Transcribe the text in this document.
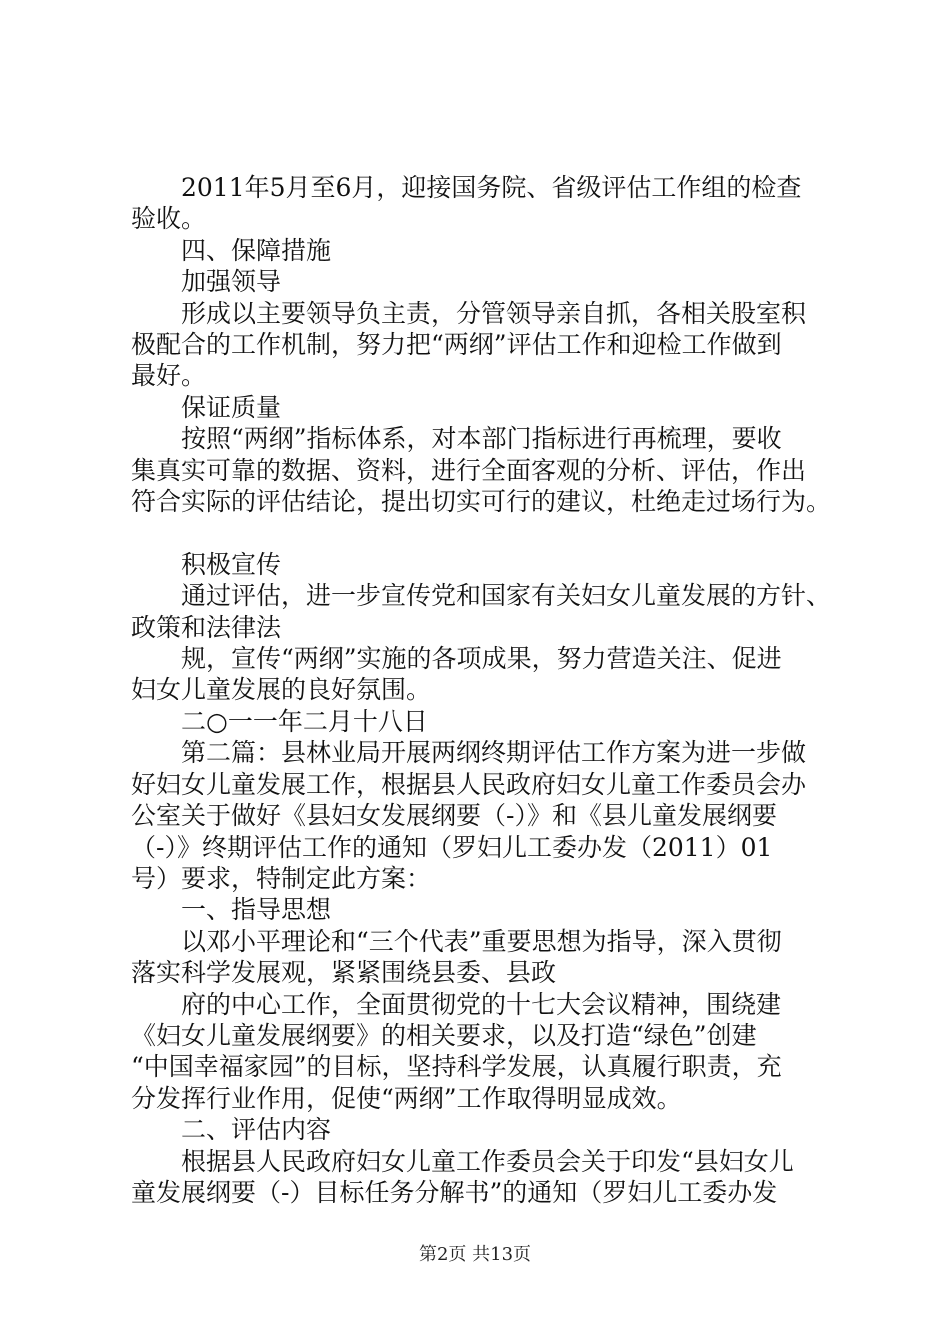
2011年5月至6月，迎接国务院、省级评估工作组的检查
验收。
四、保障措施
加强领导
形成以主要领导负主责，分管领导亲自抓，各相关股室积
极配合的工作机制，努力把“两纲”评估工作和迎检工作做到
最好。
保证质量
按照“两纲”指标体系，对本部门指标进行再梳理，要收
集真实可靠的数据、资料，进行全面客观的分析、评估，作出
符合实际的评估结论，提出切实可行的建议，杜绝走过场行为。
积极宣传
通过评估，进一步宣传党和国家有关妇女儿童发展的方针、
政策和法律法
规，宣传“两纲”实施的各项成果，努力营造关注、促进
妇女儿童发展的良好氛围。
二○一一年二月十八日
第二篇：县林业局开展两纲终期评估工作方案为进一步做
好妇女儿童发展工作，根据县人民政府妇女儿童工作委员会办
公室关于做好《县妇女发展纲要（-）》和《县儿童发展纲要
（-）》终期评估工作的通知（罗妇儿工委办发（2011）01
号）要求，特制定此方案：
一、指导思想
以邓小平理论和“三个代表”重要思想为指导，深入贯彻
落实科学发展观，紧紧围绕县委、县政
府的中心工作，全面贯彻党的十七大会议精神，围绕建
《妇女儿童发展纲要》的相关要求，以及打造“绿色”创建
“中国幸福家园”的目标，坚持科学发展，认真履行职责，充
分发挥行业作用，促使“两纲”工作取得明显成效。
二、评估内容
根据县人民政府妇女儿童工作委员会关于印发“县妇女儿
童发展纲要（-）目标任务分解书”的通知（罗妇儿工委办发
第2页 共13页
